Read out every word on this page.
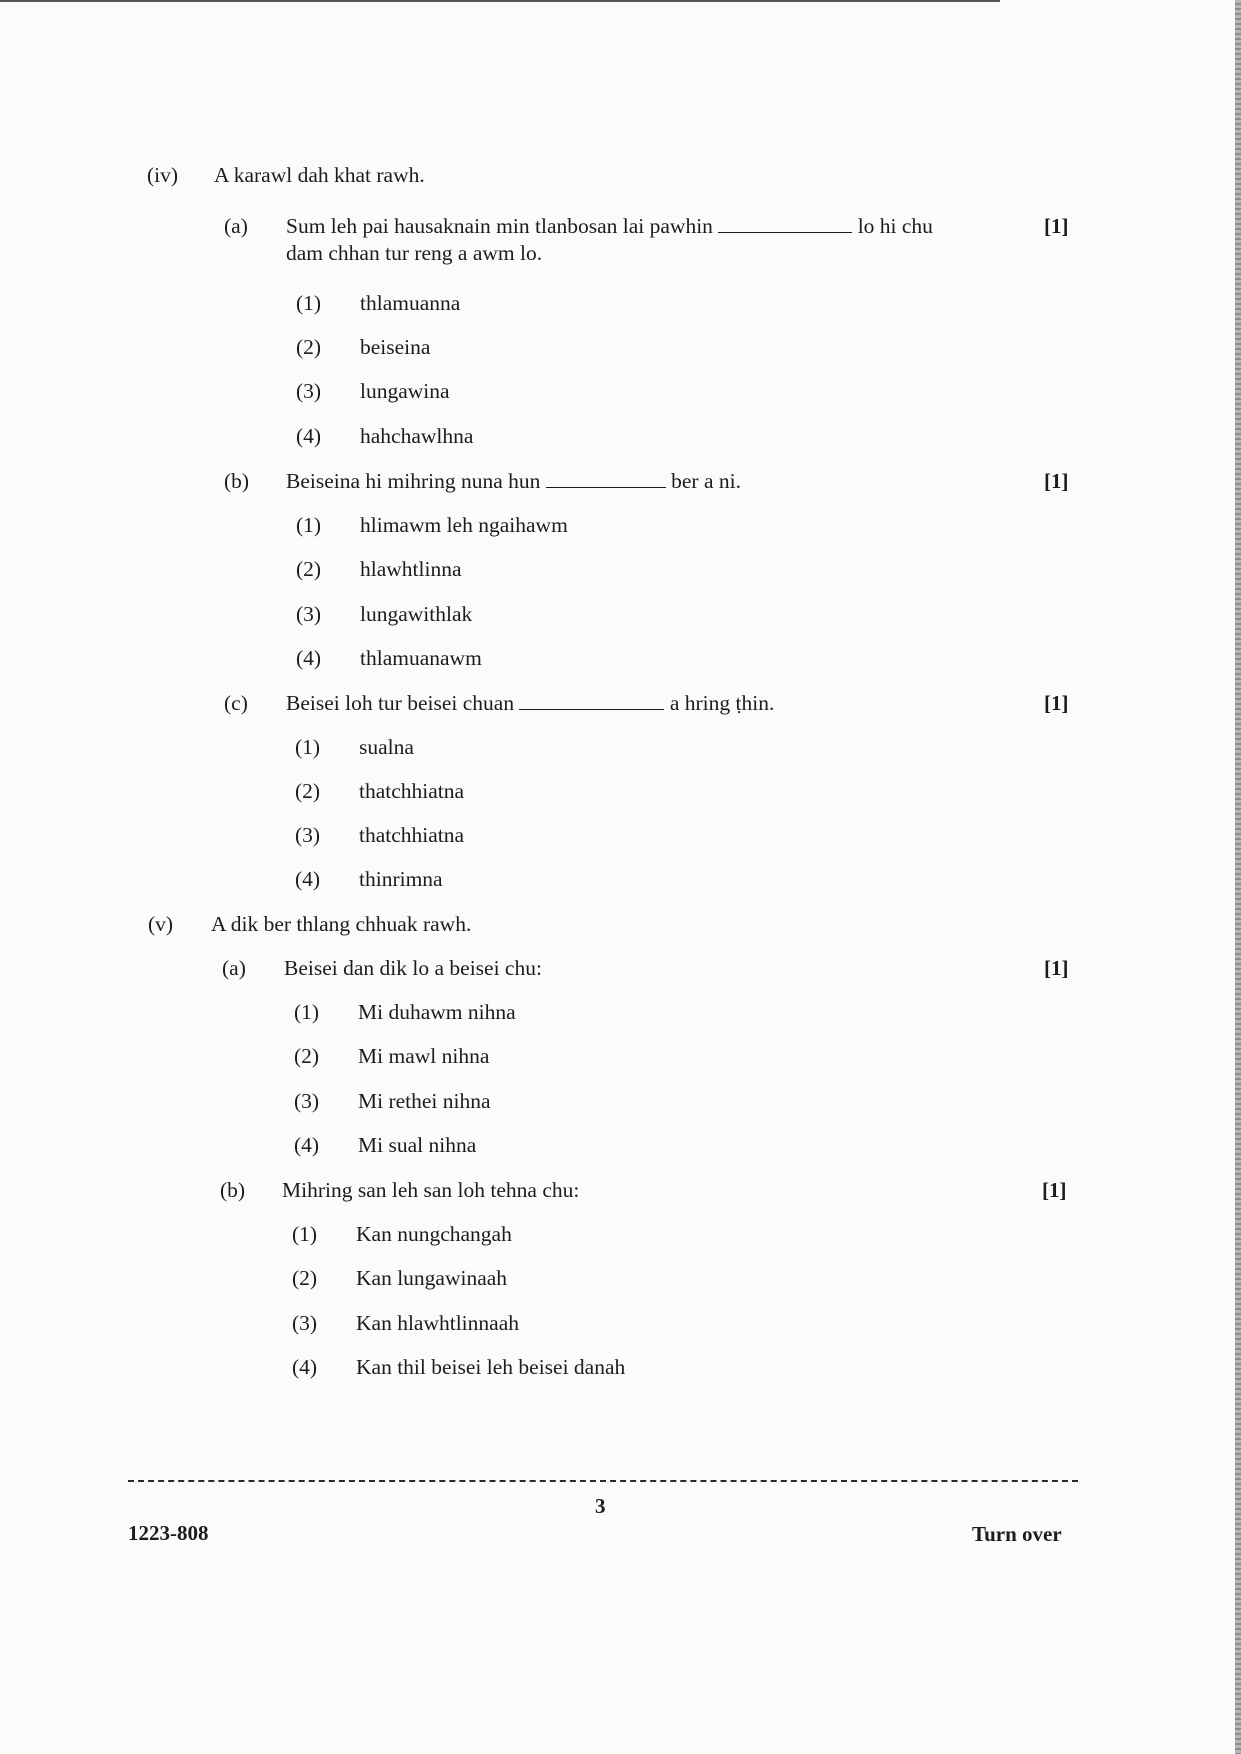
(iv) A karawl dah khat rawh.
(a) Sum leh pai hausaknain min tlanbosan lai pawhin	lo hi chu
dam chhan tur reng a awm lo.
[1]
(1) thlamuanna
(2) beiseina
(3) lungawina
(4) hahchawlhna
(b) Beiseina hi mihring nuna hun	ber a ni.	[1]
(1) hlimawm leh ngaihawm
(2) hlawhtlinna
(3) lungawithlak
(4) thlamuanawm
(c) Beisei loh tur beisei chuan	a hring ṭhin.	[1]
(1) sualna
(2) thatchhiatna
(3) thatchhiatna
(4) thinrimna
(v) A dik ber thlang chhuak rawh.
(a) Beisei dan dik lo a beisei chu:	[1]
(1) Mi duhawm nihna
(2) Mi mawl nihna
(3) Mi rethei nihna
(4) Mi sual nihna
(b) Mihring san leh san loh tehna chu:	[1]
(1) Kan nungchangah
(2) Kan lungawinaah
(3) Kan hlawhtlinnaah
(4) Kan thil beisei leh beisei danah
3
1223-808	Turn over
